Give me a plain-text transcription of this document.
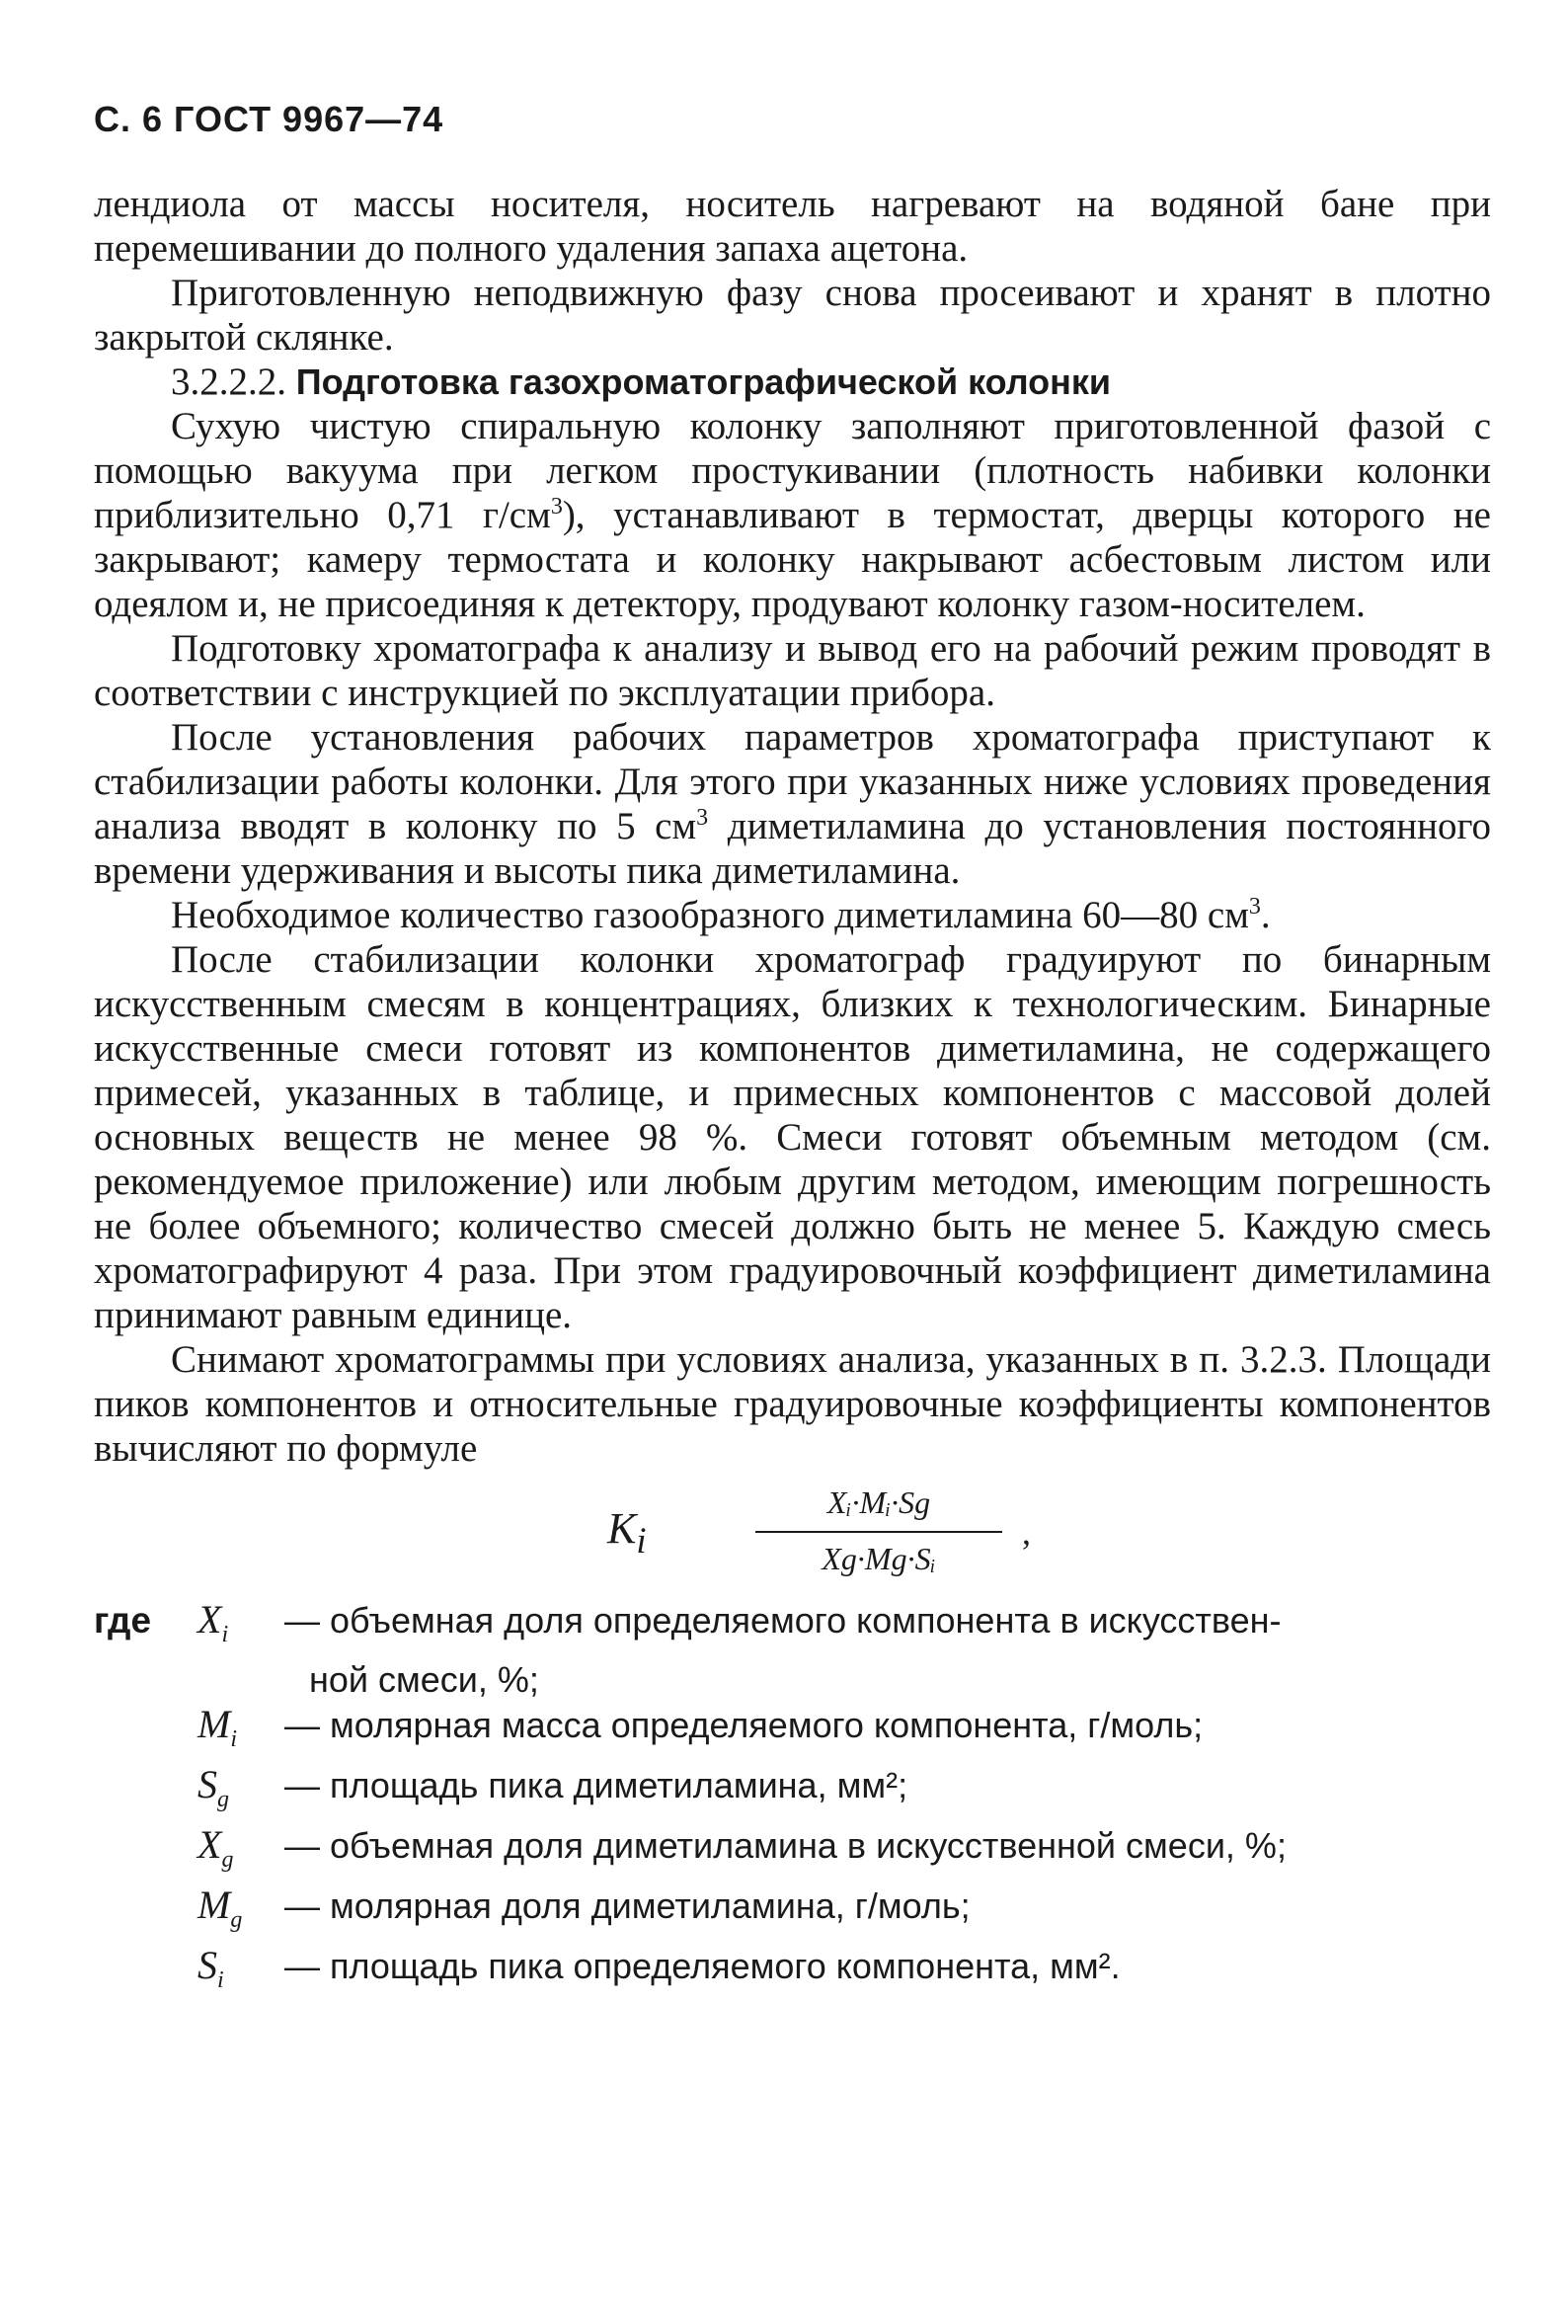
С. 6 ГОСТ 9967—74

лендиола от массы носителя, носитель нагревают на водяной бане при перемешивании до полного удаления запаха ацетона.

Приготовленную неподвижную фазу снова просеивают и хранят в плотно закрытой склянке.

3.2.2.2. Подготовка газохроматографической колонки

Сухую чистую спиральную колонку заполняют приготовленной фазой с помощью вакуума при легком простукивании (плотность набивки колонки приблизительно 0,71 $г/см^3$), устанавливают в термостат, дверцы которого не закрывают; камеру термостата и колонку накрывают асбестовым листом или одеялом и, не присоединяя к детектору, продувают колонку газом-носителем.

Подготовку хроматографа к анализу и вывод его на рабочий режим проводят в соответствии с инструкцией по эксплуатации прибора.

После установления рабочих параметров хроматографа приступают к стабилизации работы колонки. Для этого при указанных ниже условиях проведения анализа вводят в колонку по 5 $см^3$ диметиламина до установления постоянного времени удерживания и высоты пика диметиламина.

Необходимое количество газообразного диметиламина 60—80 $см^3$.

После стабилизации колонки хроматограф градуируют по бинарным искусственным смесям в концентрациях, близких к технологическим. Бинарные искусственные смеси готовят из компонентов диметиламина, не содержащего примесей, указанных в таблице, и примесных компонентов с массовой долей основных веществ не менее 98 %. Смеси готовят объемным методом (см. рекомендуемое приложение) или любым другим методом, имеющим погрешность не более объемного; количество смесей должно быть не менее 5. Каждую смесь хроматографируют 4 раза. При этом градуировочный коэффициент диметиламина принимают равным единице.

Снимают хроматограммы при условиях анализа, указанных в п. 3.2.3. Площади пиков компонентов и относительные градуировочные коэффициенты компонентов вычисляют по формуле

$K_i$
Xᵢ·Mᵢ·Sg
Xg·Mg·Sᵢ
,
где	$X_i$	— объемная доля определяемого компонента в искусствен-
ной смеси, %;
$M_i$	— молярная масса определяемого компонента, г/моль;
$S_g$	— площадь пика диметиламина, мм²;
$X_g$	— объемная доля диметиламина в искусственной смеси, %;
$M_g$	— молярная доля диметиламина, г/моль;
$S_i$	— площадь пика определяемого компонента, мм².
